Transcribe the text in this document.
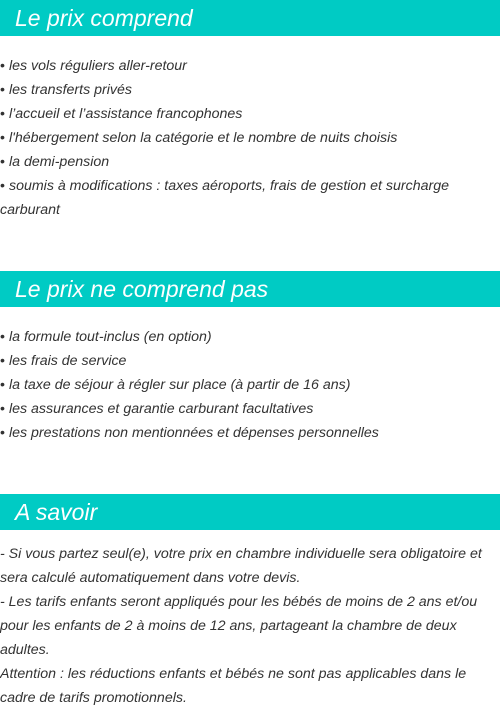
Le prix comprend
• les vols réguliers aller-retour
• les transferts privés
• l’accueil et l’assistance francophones
• l'hébergement selon la catégorie et le nombre de nuits choisis
• la demi-pension
• soumis à modifications : taxes aéroports, frais de gestion et surcharge carburant
Le prix ne comprend pas
• la formule tout-inclus (en option)
• les frais de service
• la taxe de séjour à régler sur place (à partir de 16 ans)
• les assurances et garantie carburant facultatives
• les prestations non mentionnées et dépenses personnelles
A savoir
- Si vous partez seul(e), votre prix en chambre individuelle sera obligatoire et sera calculé automatiquement dans votre devis.
- Les tarifs enfants seront appliqués pour les bébés de moins de 2 ans et/ou pour les enfants de 2 à moins de 12 ans, partageant la chambre de deux adultes.
Attention : les réductions enfants et bébés ne sont pas applicables dans le cadre de tarifs promotionnels.
